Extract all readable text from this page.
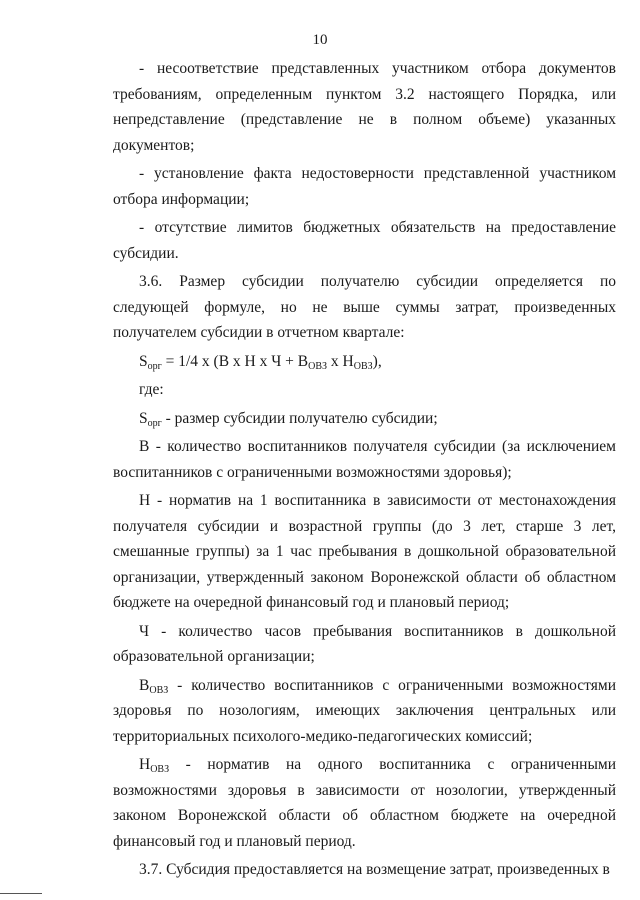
10

- несоответствие представленных участником отбора документов требованиям, определенным пунктом 3.2 настоящего Порядка, или непредставление (представление не в полном объеме) указанных документов;

- установление факта недостоверности представленной участником отбора информации;

- отсутствие лимитов бюджетных обязательств на предоставление субсидии.

3.6. Размер субсидии получателю субсидии определяется по следующей формуле, но не выше суммы затрат, произведенных получателем субсидии в отчетном квартале:

$S_{орг} = 1/4$ x (В x Н x $Ч + В_{ОВЗ}$ x $Н_{ОВЗ}$),

где:

$S_{орг}$ - размер субсидии получателю субсидии;

В - количество воспитанников получателя субсидии (за исключением воспитанников с ограниченными возможностями здоровья);

Н - норматив на 1 воспитанника в зависимости от местонахождения получателя субсидии и возрастной группы (до 3 лет, старше 3 лет, смешанные группы) за 1 час пребывания в дошкольной образовательной организации, утвержденный законом Воронежской области об областном бюджете на очередной финансовый год и плановый период;

Ч - количество часов пребывания воспитанников в дошкольной образовательной организации;

$В_{ОВЗ}$ - количество воспитанников с ограниченными возможностями здоровья по нозологиям, имеющих заключения центральных или территориальных психолого-медико-педагогических комиссий;

$Н_{ОВЗ}$ - норматив на одного воспитанника с ограниченными возможностями здоровья в зависимости от нозологии, утвержденный законом Воронежской области об областном бюджете на очередной финансовый год и плановый период.

3.7. Субсидия предоставляется на возмещение затрат, произведенных в
